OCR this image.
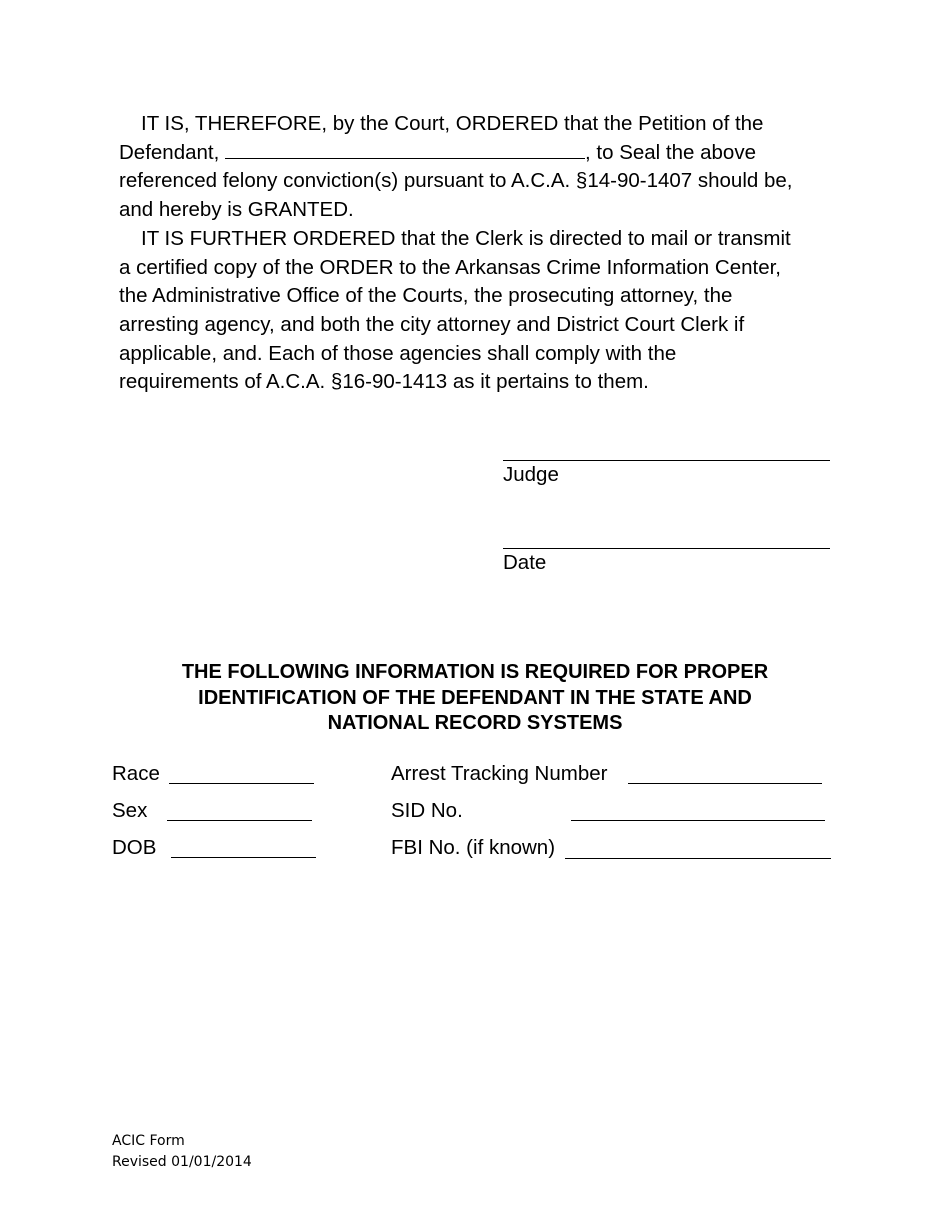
IT IS, THEREFORE, by the Court, ORDERED that the Petition of the
Defendant,	, to Seal the above
referenced felony conviction(s) pursuant to A.C.A. §14-90-1407 should be,
and hereby is GRANTED.

IT IS FURTHER ORDERED that the Clerk is directed to mail or transmit
a certified copy of the ORDER to the Arkansas Crime Information Center,
the Administrative Office of the Courts, the prosecuting attorney, the
arresting agency, and both the city attorney and District Court Clerk if
applicable, and. Each of those agencies shall comply with the
requirements of A.C.A. §16-90-1413 as it pertains to them.

Judge
Date
THE FOLLOWING INFORMATION IS REQUIRED FOR PROPER
IDENTIFICATION OF THE DEFENDANT IN THE STATE AND
NATIONAL RECORD SYSTEMS
Race
Sex
DOB
Arrest Tracking Number
SID No.
FBI No. (if known)
ACIC Form
Revised 01/01/2014
